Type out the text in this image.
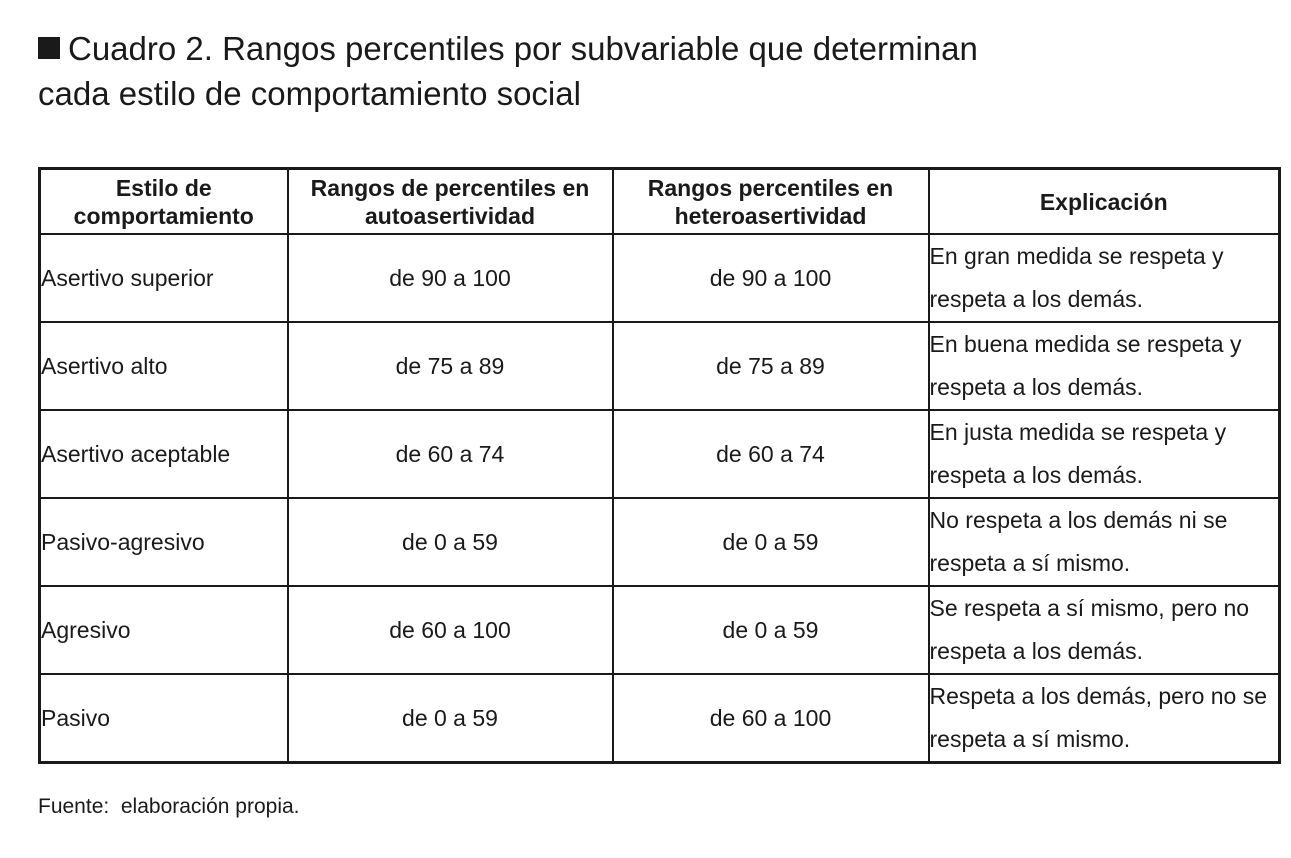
Cuadro 2. Rangos percentiles por subvariable que determinan
cada estilo de comportamiento social
Estilo de comportamiento	Rangos de percentiles en autoasertividad	Rangos percentiles en heteroasertividad	Explicación
Asertivo superior	de 90 a 100	de 90 a 100	En gran medida se respeta y respeta a los demás.
Asertivo alto	de 75 a 89	de 75 a 89	En buena medida se respeta y respeta a los demás.
Asertivo aceptable	de 60 a 74	de 60 a 74	En justa medida se respeta y respeta a los demás.
Pasivo-agresivo	de 0 a 59	de 0 a 59	No respeta a los demás ni se respeta a sí mismo.
Agresivo	de 60 a 100	de 0 a 59	Se respeta a sí mismo, pero no respeta a los demás.
Pasivo	de 0 a 59	de 60 a 100	Respeta a los demás, pero no se respeta a sí mismo.
Fuente:  elaboración propia.
